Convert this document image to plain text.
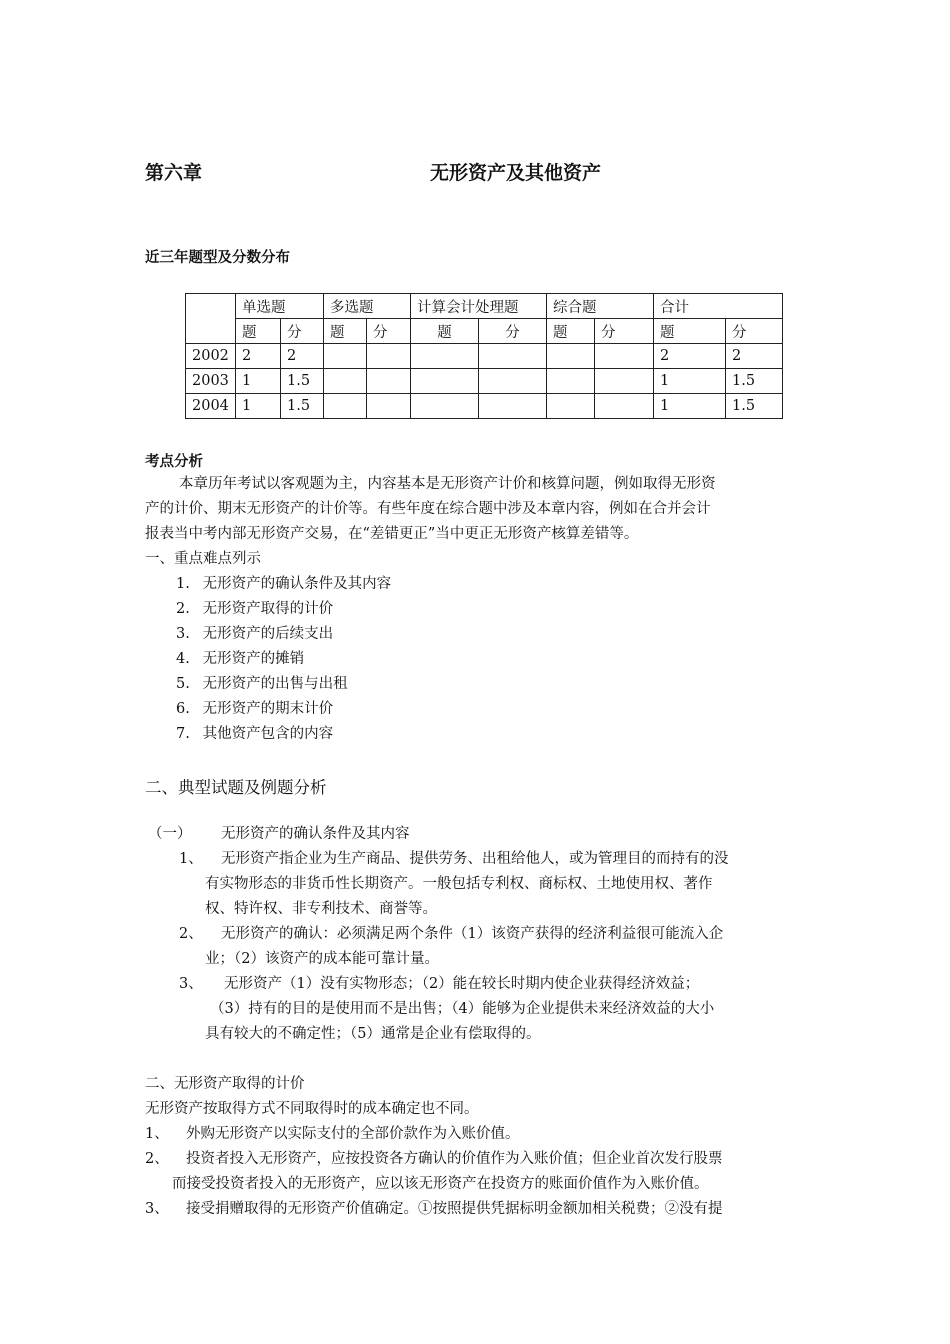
第六章	无形资产及其他资产
近三年题型及分数分布
	单选题		多选题		计算会计处理题		综合题		合计	
	题	分	题	分	题	分	题	分	题	分
2002	2	2							2	2
2003	1	1.5							1	1.5
2004	1	1.5							1	1.5
考点分析
本章历年考试以客观题为主，内容基本是无形资产计价和核算问题，例如取得无形资
产的计价、期末无形资产的计价等。有些年度在综合题中涉及本章内容，例如在合并会计
报表当中考内部无形资产交易，在“差错更正”当中更正无形资产核算差错等。
一、重点难点列示
1. 无形资产的确认条件及其内容
2. 无形资产取得的计价
3. 无形资产的后续支出
4. 无形资产的摊销
5. 无形资产的出售与出租
6. 无形资产的期末计价
7. 其他资产包含的内容
二、典型试题及例题分析
（一） 无形资产的确认条件及其内容
1、 无形资产指企业为生产商品、提供劳务、出租给他人，或为管理目的而持有的没
有实物形态的非货币性长期资产。一般包括专利权、商标权、土地使用权、著作
权、特许权、非专利技术、商誉等。
2、 无形资产的确认：必须满足两个条件（1）该资产获得的经济利益很可能流入企
业；（2）该资产的成本能可靠计量。
3、 无形资产（1）没有实物形态；（2）能在较长时期内使企业获得经济效益；
（3）持有的目的是使用而不是出售；（4）能够为企业提供未来经济效益的大小
具有较大的不确定性；（5）通常是企业有偿取得的。
二、无形资产取得的计价
无形资产按取得方式不同取得时的成本确定也不同。
1、 外购无形资产以实际支付的全部价款作为入账价值。
2、 投资者投入无形资产，应按投资各方确认的价值作为入账价值；但企业首次发行股票
而接受投资者投入的无形资产，应以该无形资产在投资方的账面价值作为入账价值。
3、 接受捐赠取得的无形资产价值确定。①按照提供凭据标明金额加相关税费；②没有提
